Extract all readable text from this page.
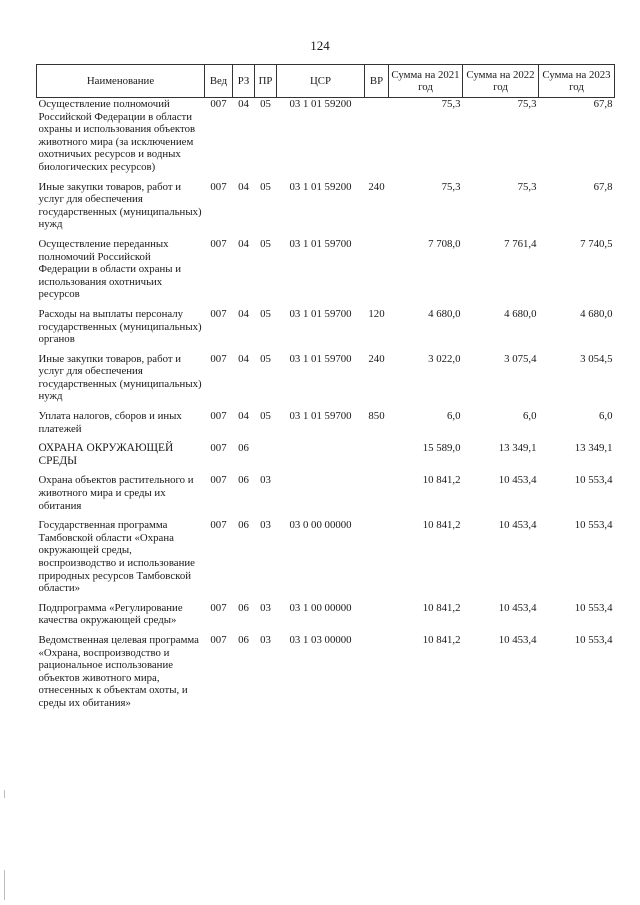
124
Наименование	Вед	РЗ	ПР	ЦСР	ВР	Сумма на 2021 год	Сумма на 2022 год	Сумма на 2023 год
Осуществление полномочий Российской Федерации в области охраны и использования объектов животного мира (за исключением охотничьих ресурсов и водных биологических ресурсов)	007	04	05	03 1 01 59200		75,3	75,3	67,8
Иные закупки товаров, работ и услуг для обеспечения государственных (муниципальных) нужд	007	04	05	03 1 01 59200	240	75,3	75,3	67,8
Осуществление переданных полномочий Российской Федерации в области охраны и использования охотничьих ресурсов	007	04	05	03 1 01 59700		7 708,0	7 761,4	7 740,5
Расходы на выплаты персоналу государственных (муниципальных) органов	007	04	05	03 1 01 59700	120	4 680,0	4 680,0	4 680,0
Иные закупки товаров, работ и услуг для обеспечения государственных (муниципальных) нужд	007	04	05	03 1 01 59700	240	3 022,0	3 075,4	3 054,5
Уплата налогов, сборов и иных платежей	007	04	05	03 1 01 59700	850	6,0	6,0	6,0
ОХРАНА ОКРУЖАЮЩЕЙ СРЕДЫ	007	06				15 589,0	13 349,1	13 349,1
Охрана объектов растительного и животного мира и среды их обитания	007	06	03			10 841,2	10 453,4	10 553,4
Государственная программа Тамбовской области «Охрана окружающей среды, воспроизводство и использование природных ресурсов Тамбовской области»	007	06	03	03 0 00 00000		10 841,2	10 453,4	10 553,4
Подпрограмма «Регулирование качества окружающей среды»	007	06	03	03 1 00 00000		10 841,2	10 453,4	10 553,4
Ведомственная целевая программа «Охрана, воспроизводство и рациональное использование объектов животного мира, отнесенных к объектам охоты, и среды их обитания»	007	06	03	03 1 03 00000		10 841,2	10 453,4	10 553,4
